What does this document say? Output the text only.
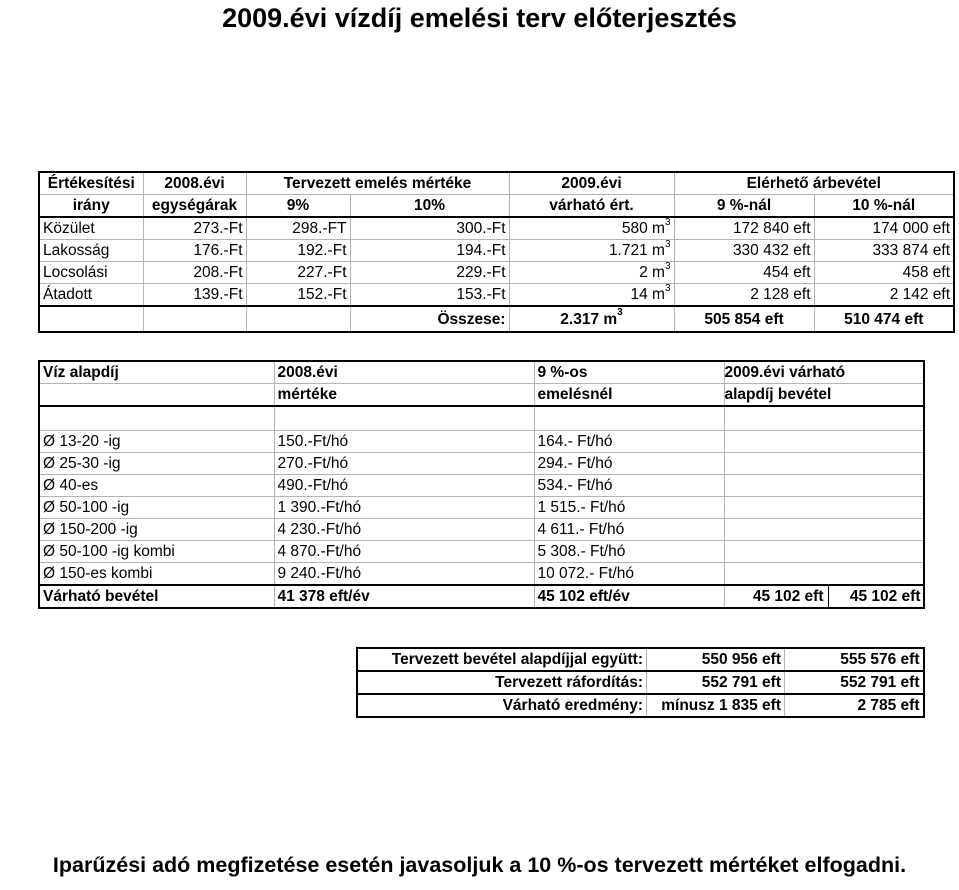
2009.évi vízdíj emelési terv előterjesztés
Értékesítési	2008.évi	Tervezett emelés mértéke		2009.évi	Elérhető árbevétel	
irány	egységárak	9%	10%	várható ért.	9 %-nál	10 %-nál
Közület	273.-Ft	298.-FT	300.-Ft	580 $m^3$	172 840 eft	174 000 eft
Lakosság	176.-Ft	192.-Ft	194.-Ft	1.721 $m^3$	330 432 eft	333 874 eft
Locsolási	208.-Ft	227.-Ft	229.-Ft	2 $m^3$	454 eft	458 eft
Átadott	139.-Ft	152.-Ft	153.-Ft	14 $m^3$	2 128 eft	2 142 eft
			Összese:	2.317 $m^3$	505 854 eft	510 474 eft
Víz alapdíj	2008.évi	9 %-os	2009.évi várható
	mértéke	emelésnél	alapdíj bevétel

Ø 13-20 -ig	150.-Ft/hó	164.- Ft/hó	
Ø 25-30 -ig	270.-Ft/hó	294.- Ft/hó	
Ø 40-es	490.-Ft/hó	534.- Ft/hó	
Ø 50-100 -ig	1 390.-Ft/hó	1 515.- Ft/hó	
Ø 150-200 -ig	4 230.-Ft/hó	4 611.- Ft/hó	
Ø 50-100 -ig kombi	4 870.-Ft/hó	5 308.- Ft/hó	
Ø 150-es kombi	9 240.-Ft/hó	10 072.- Ft/hó	
Várható bevétel	41 378 eft/év	45 102 eft/év	45 102 eft 45 102 eft
	Tervezett bevétel alapdíjjal együtt:	550 956 eft	555 576 eft
	Tervezett ráfordítás:	552 791 eft	552 791 eft
	Várható eredmény:	mínusz 1 835 eft	2 785 eft
Iparűzési adó megfizetése esetén javasoljuk a 10 %-os tervezett mértéket elfogadni.
